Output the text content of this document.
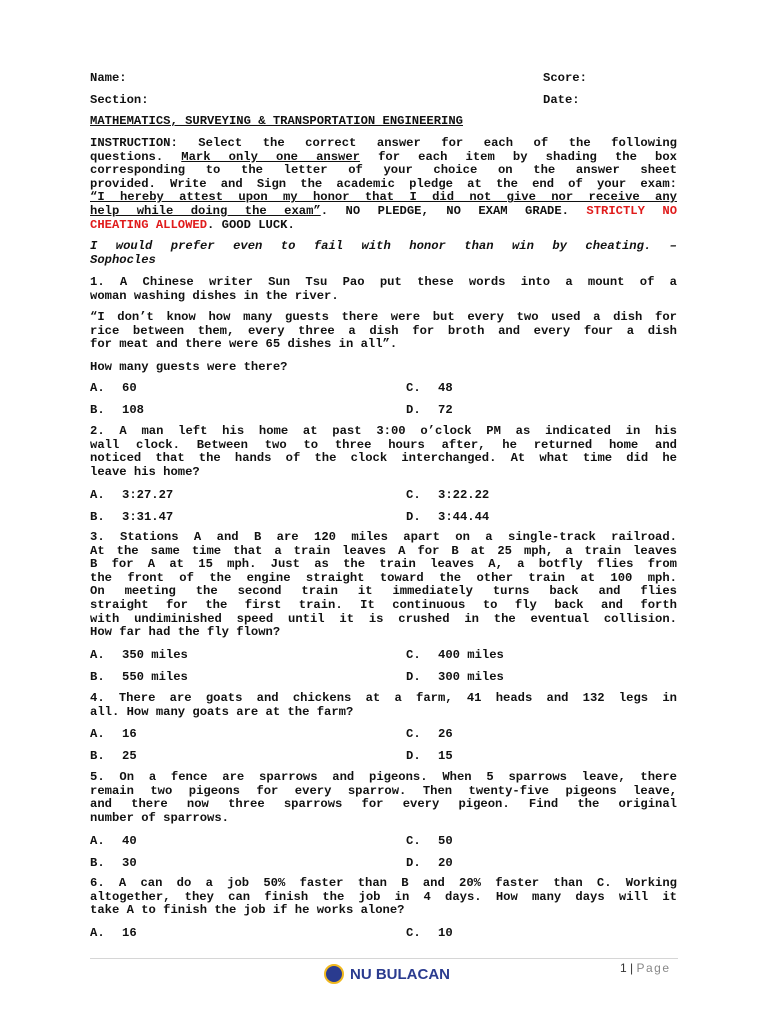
Name:	Score:
Section:	Date:
MATHEMATICS, SURVEYING & TRANSPORTATION ENGINEERING
INSTRUCTION: Select the correct answer for each of the following
questions. Mark only one answer for each item by shading the box
corresponding to the letter of your choice on the answer sheet
provided. Write and Sign the academic pledge at the end of your exam:
“I hereby attest upon my honor that I did not give nor receive any
help while doing the exam”. NO PLEDGE, NO EXAM GRADE. STRICTLY NO
CHEATING ALLOWED. GOOD LUCK.
I would prefer even to fail with honor than win by cheating. –
Sophocles
1. A Chinese writer Sun Tsu Pao put these words into a mount of a
woman washing dishes in the river.
“I don’t know how many guests there were but every two used a dish for
rice between them, every three a dish for broth and every four a dish
for meat and there were 65 dishes in all”.
How many guests were there?
A. 60	C. 48
B. 108	D. 72
2. A man left his home at past 3:00 o’clock PM as indicated in his
wall clock. Between two to three hours after, he returned home and
noticed that the hands of the clock interchanged. At what time did he
leave his home?
A. 3:27.27	C. 3:22.22
B. 3:31.47	D. 3:44.44
3. Stations A and B are 120 miles apart on a single-track railroad.
At the same time that a train leaves A for B at 25 mph, a train leaves
B for A at 15 mph. Just as the train leaves A, a botfly flies from
the front of the engine straight toward the other train at 100 mph.
On meeting the second train it immediately turns back and flies
straight for the first train. It continuous to fly back and forth
with undiminished speed until it is crushed in the eventual collision.
How far had the fly flown?
A. 350 miles	C. 400 miles
B. 550 miles	D. 300 miles
4. There are goats and chickens at a farm, 41 heads and 132 legs in
all. How many goats are at the farm?
A. 16	C. 26
B. 25	D. 15
5. On a fence are sparrows and pigeons. When 5 sparrows leave, there
remain two pigeons for every sparrow. Then twenty-five pigeons leave,
and there now three sparrows for every pigeon. Find the original
number of sparrows.
A. 40	C. 50
B. 30	D. 20
6. A can do a job 50% faster than B and 20% faster than C. Working
altogether, they can finish the job in 4 days. How many days will it
take A to finish the job if he works alone?
A. 16	C. 10
NU BULACAN	1 | Page
